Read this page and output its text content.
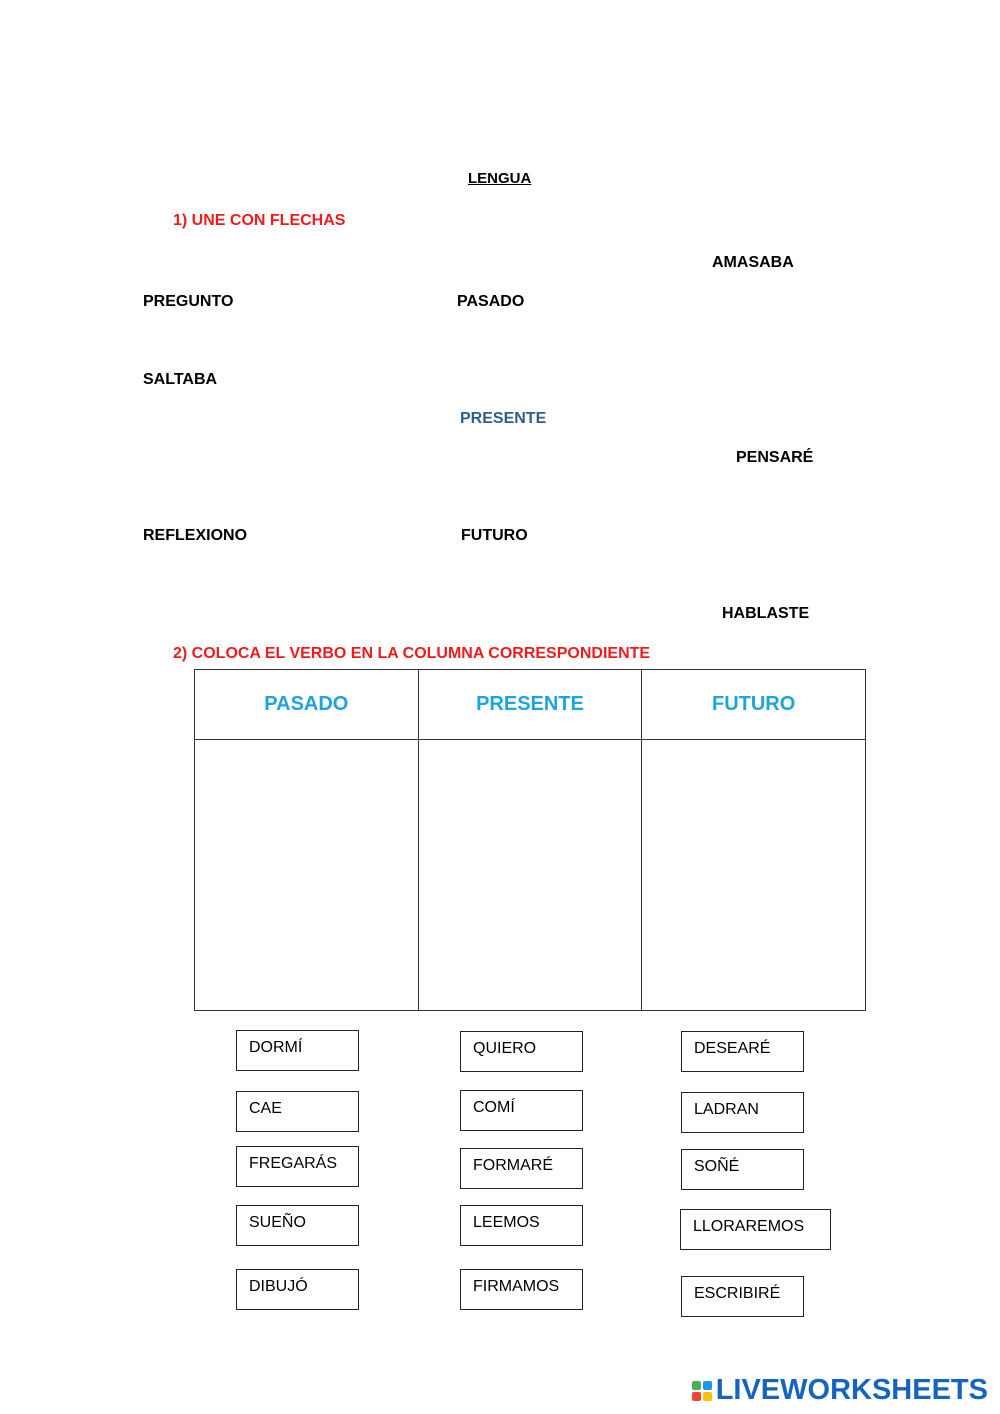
LENGUA
1) UNE CON FLECHAS
PREGUNTO
SALTABA
REFLEXIONO
PASADO
PRESENTE
FUTURO
AMASABA
PENSARÉ
HABLASTE
2) COLOCA EL VERBO EN LA COLUMNA CORRESPONDIENTE
PASADO	PRESENTE	FUTURO

DORMÍ
CAE
FREGARÁS
SUEÑO
DIBUJÓ
QUIERO
COMÍ
FORMARÉ
LEEMOS
FIRMAMOS
DESEARÉ
LADRAN
SOÑÉ
LLORAREMOS
ESCRIBIRÉ
LIVEWORKSHEETS
